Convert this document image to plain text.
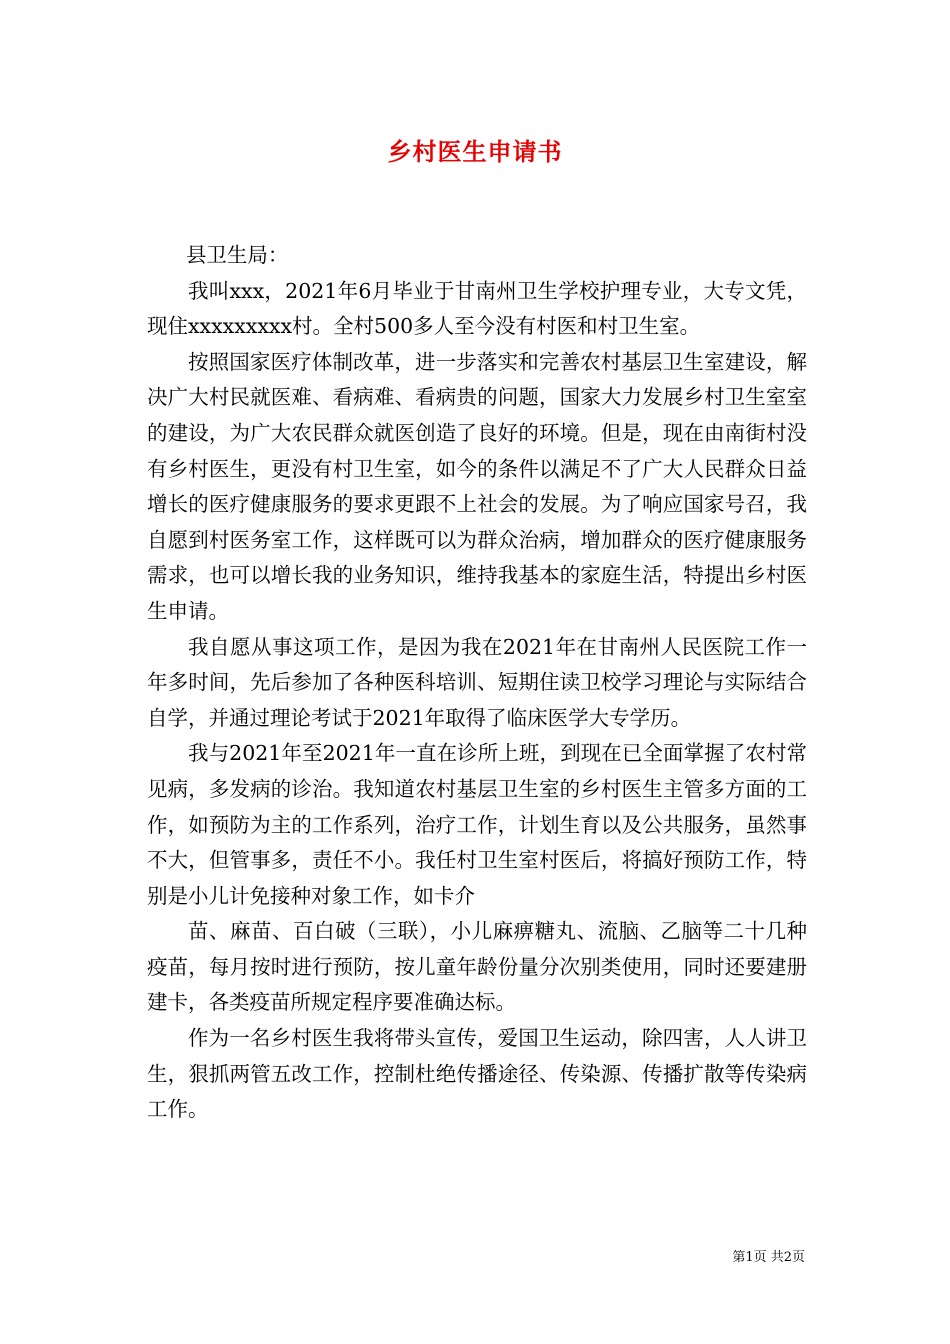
乡村医生申请书

县卫生局：

我叫xxx，2021年6月毕业于甘南州卫生学校护理专业，大专文凭，现住xxxxxxxxx村。全村500多人至今没有村医和村卫生室。

按照国家医疗体制改革，进一步落实和完善农村基层卫生室建设，解决广大村民就医难、看病难、看病贵的问题，国家大力发展乡村卫生室室的建设，为广大农民群众就医创造了良好的环境。但是，现在由南街村没有乡村医生，更没有村卫生室，如今的条件以满足不了广大人民群众日益增长的医疗健康服务的要求更跟不上社会的发展。为了响应国家号召，我自愿到村医务室工作，这样既可以为群众治病，增加群众的医疗健康服务需求，也可以增长我的业务知识，维持我基本的家庭生活，特提出乡村医生申请。

我自愿从事这项工作，是因为我在2021年在甘南州人民医院工作一年多时间，先后参加了各种医科培训、短期住读卫校学习理论与实际结合自学，并通过理论考试于2021年取得了临床医学大专学历。

我与2021年至2021年一直在诊所上班，到现在已全面掌握了农村常见病，多发病的诊治。我知道农村基层卫生室的乡村医生主管多方面的工作，如预防为主的工作系列，治疗工作，计划生育以及公共服务，虽然事不大，但管事多，责任不小。我任村卫生室村医后，将搞好预防工作，特别是小儿计免接种对象工作，如卡介

苗、麻苗、百白破（三联），小儿麻痹糖丸、流脑、乙脑等二十几种疫苗，每月按时进行预防，按儿童年龄份量分次别类使用，同时还要建册建卡，各类疫苗所规定程序要准确达标。

作为一名乡村医生我将带头宣传，爱国卫生运动，除四害，人人讲卫生，狠抓两管五改工作，控制杜绝传播途径、传染源、传播扩散等传染病工作。

第1页 共2页
